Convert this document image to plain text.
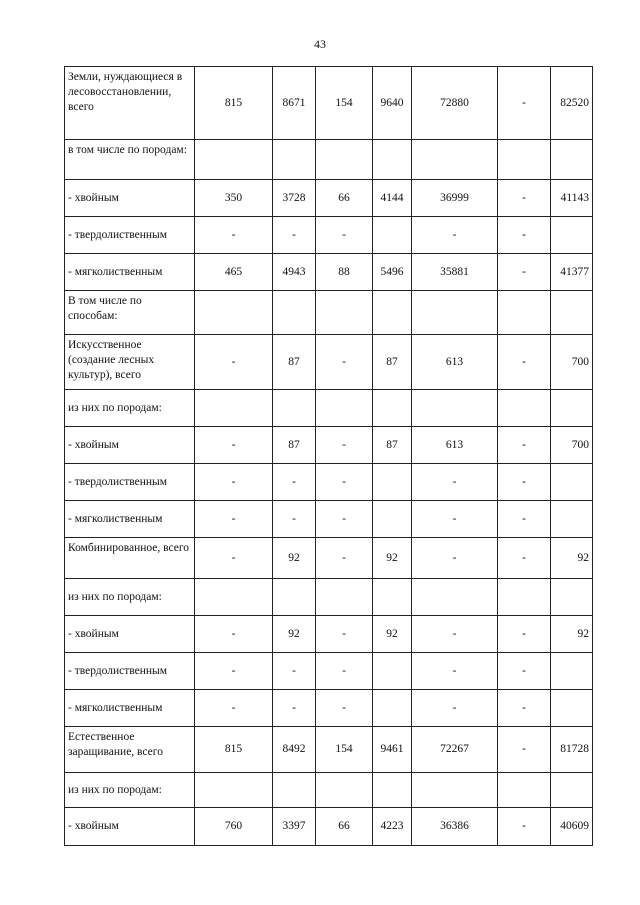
43
Земли, нуждающиеся в лесовосстановлении, всего	815	8671	154	9640	72880	-	82520
в том числе по породам:							
- хвойным	350	3728	66	4144	36999	-	41143
- твердолиственным	-	-	-		-	-	
- мягколиственным	465	4943	88	5496	35881	-	41377
В том числе по способам:							
Искусственное (создание лесных культур), всего	-	87	-	87	613	-	700
из них по породам:							
- хвойным	-	87	-	87	613	-	700
- твердолиственным	-	-	-		-	-	
- мягколиственным	-	-	-		-	-	
Комбинированное, всего	-	92	-	92	-	-	92
из них по породам:							
- хвойным	-	92	-	92	-	-	92
- твердолиственным	-	-	-		-	-	
- мягколиственным	-	-	-		-	-	
Естественное заращивание, всего	815	8492	154	9461	72267	-	81728
из них по породам:							
- хвойным	760	3397	66	4223	36386	-	40609
